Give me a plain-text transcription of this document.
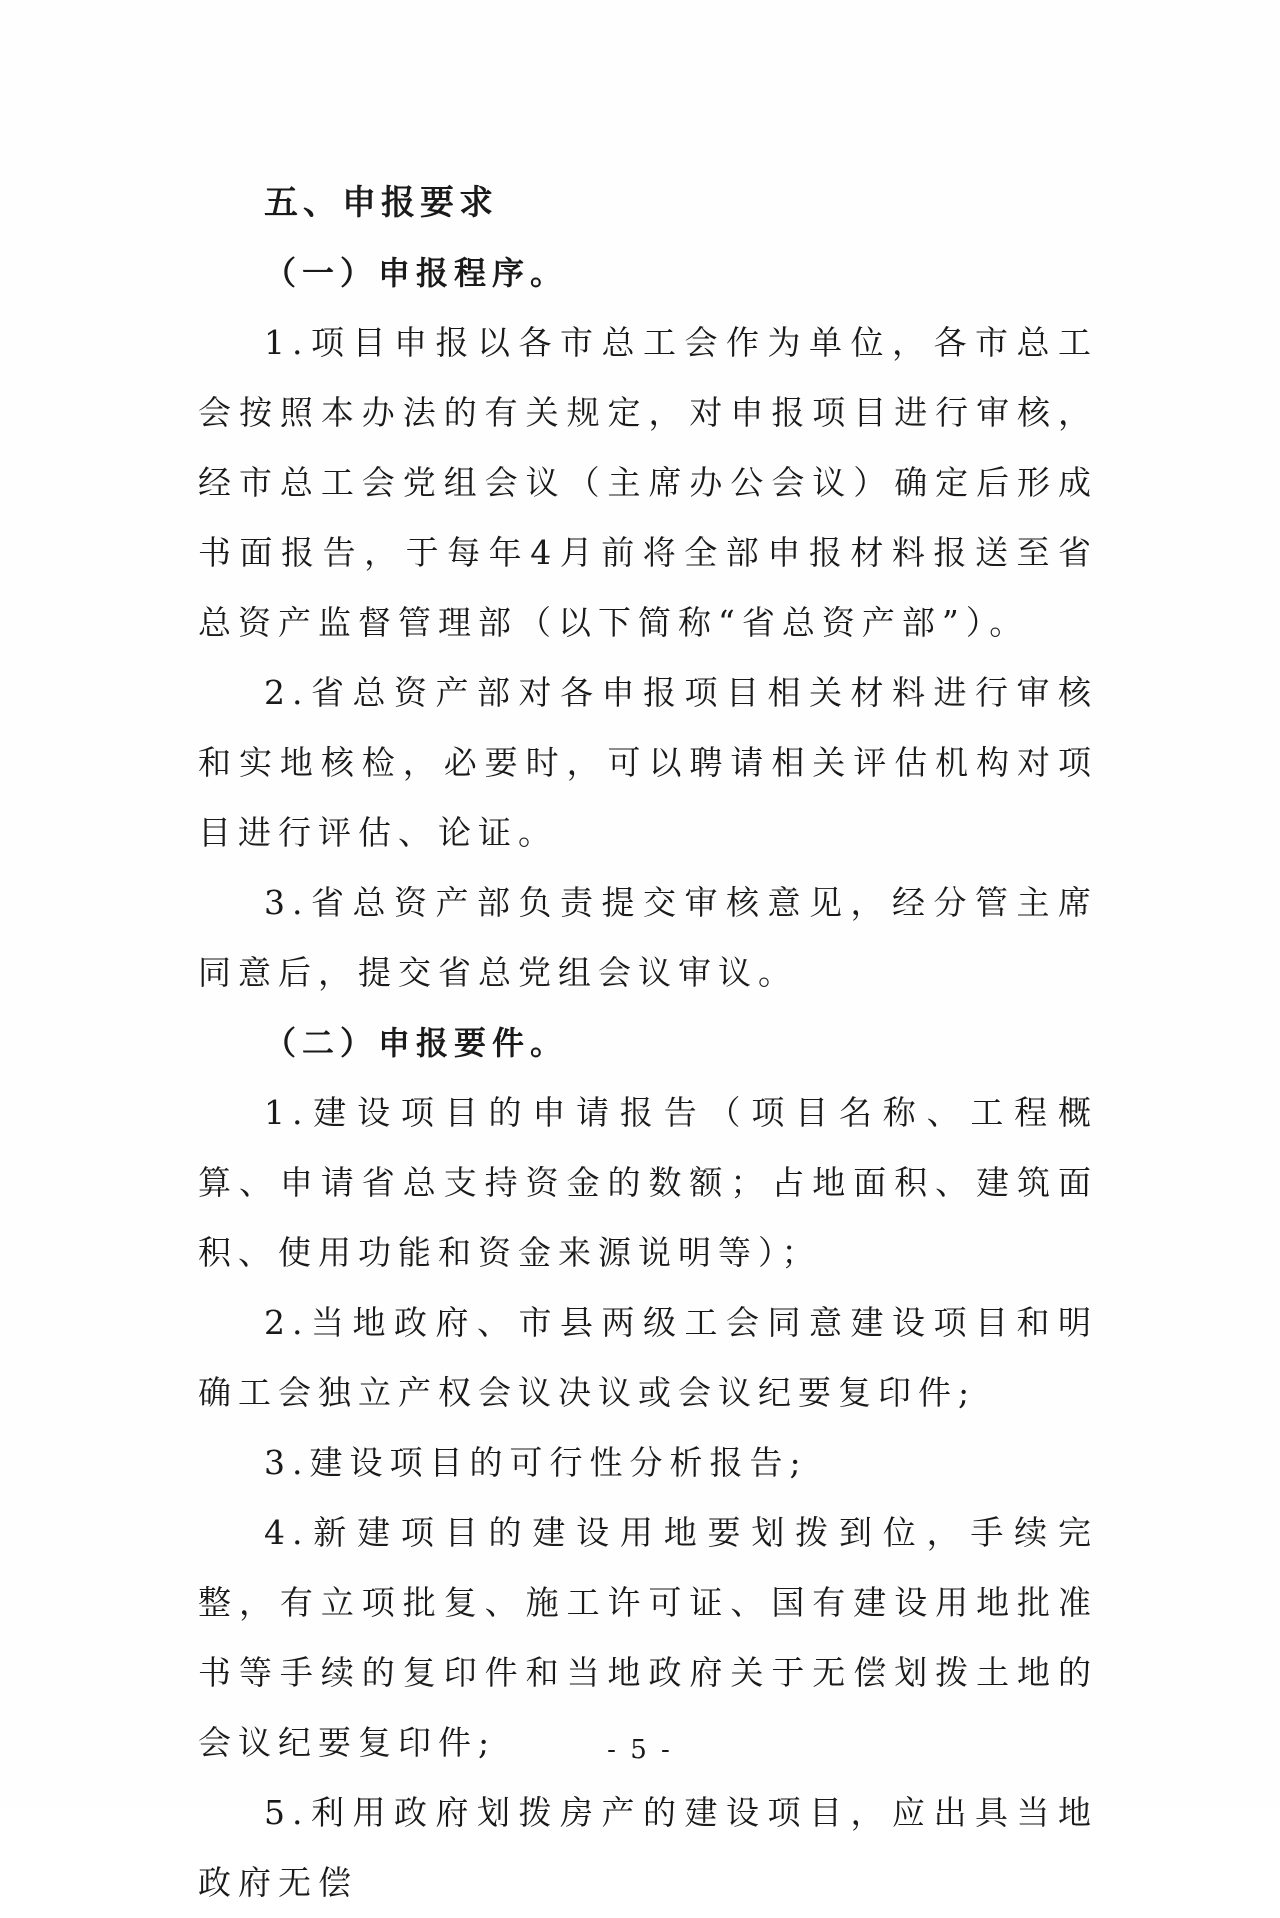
五、申报要求
（一）申报程序。

1.项目申报以各市总工会作为单位，各市总工会按照本办法的有关规定，对申报项目进行审核，经市总工会党组会议（主席办公会议）确定后形成书面报告，于每年4月前将全部申报材料报送至省总资产监督管理部（以下简称“省总资产部”）。

2.省总资产部对各申报项目相关材料进行审核和实地核检，必要时，可以聘请相关评估机构对项目进行评估、论证。

3.省总资产部负责提交审核意见，经分管主席同意后，提交省总党组会议审议。

（二）申报要件。

1.建设项目的申请报告（项目名称、工程概算、申请省总支持资金的数额；占地面积、建筑面积、使用功能和资金来源说明等）；

2.当地政府、市县两级工会同意建设项目和明确工会独立产权会议决议或会议纪要复印件;

3.建设项目的可行性分析报告;

4.新建项目的建设用地要划拨到位，手续完整，有立项批复、施工许可证、国有建设用地批准书等手续的复印件和当地政府关于无偿划拨土地的会议纪要复印件;

5.利用政府划拨房产的建设项目，应出具当地政府无偿

- 5 -
